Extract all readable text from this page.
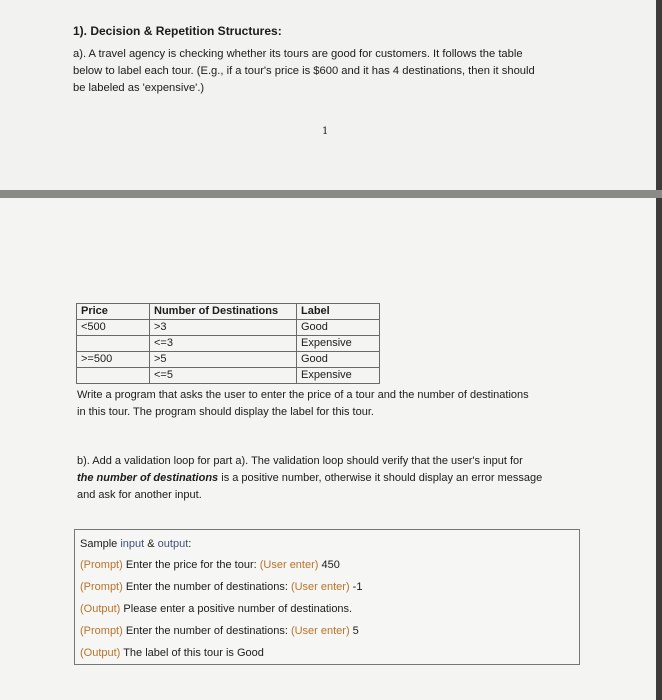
1). Decision & Repetition Structures:

a). A travel agency is checking whether its tours are good for customers. It follows the table
below to label each tour. (E.g., if a tour's price is $600 and it has 4 destinations, then it should
be labeled as 'expensive'.)
1
Price	Number of Destinations	Label
<500	>3	Good
	<=3	Expensive
>=500	>5	Good
	<=5	Expensive
Write a program that asks the user to enter the price of a tour and the number of destinations
in this tour. The program should display the label for this tour.
b). Add a validation loop for part a). The validation loop should verify that the user's input for
the number of destinations is a positive number, otherwise it should display an error message
and ask for another input.
Sample input & output:
(Prompt) Enter the price for the tour: (User enter) 450
(Prompt) Enter the number of destinations: (User enter) -1
(Output) Please enter a positive number of destinations.
(Prompt) Enter the number of destinations: (User enter) 5
(Output) The label of this tour is Good
